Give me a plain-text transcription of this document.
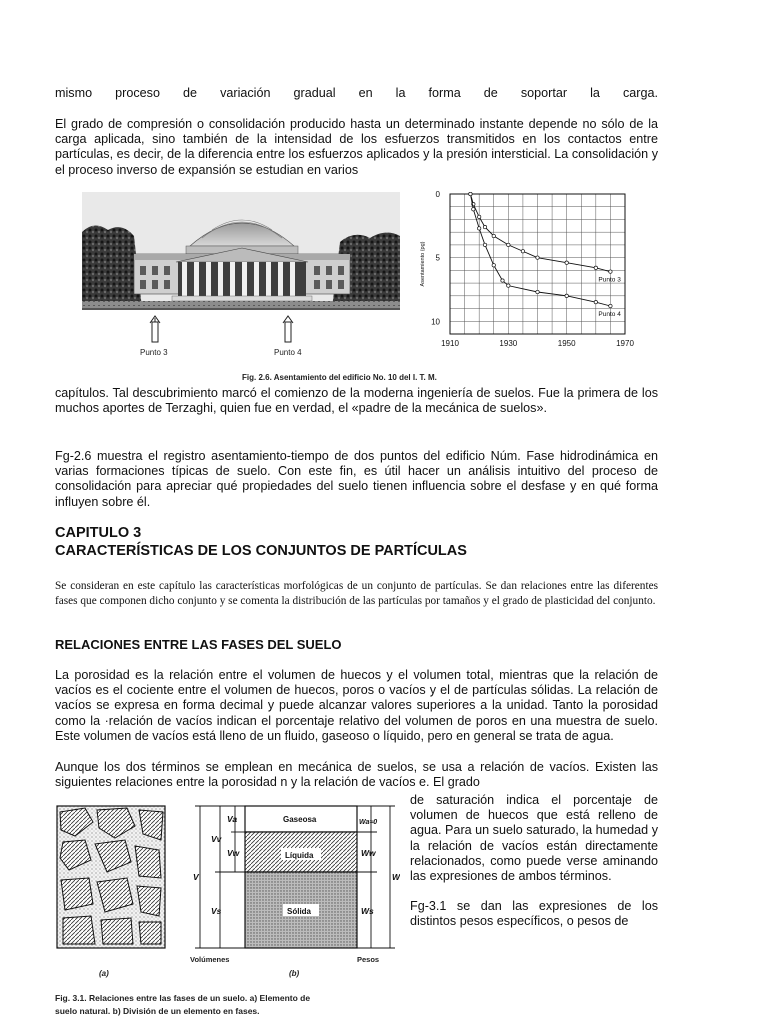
mismo proceso de variación gradual en la forma de soportar la carga.

El grado de compresión o consolidación producido hasta un determinado instante depende no sólo de la carga aplicada, sino también de la intensidad de los esfuerzos transmitidos en los contactos entre partículas, es decir, de la diferencia entre los esfuerzos aplicados y la presión intersticial. La consolidación y el proceso inverso de expansión se estudian en varios

Punto 3	Punto 4
1910	1930	1950	1970
0
5
10
Asentamiento (pg)	Punto 3
Punto 4
Fig. 2.6. Asentamiento del edificio No. 10 del I. T. M.

capítulos. Tal descubrimiento marcó el comienzo de la moderna ingeniería de suelos. Fue la primera de los muchos aportes de Terzaghi, quien fue en verdad, el «padre de la mecánica de suelos».

Fg-2.6 muestra el registro asentamiento-tiempo de dos puntos del edificio Núm. Fase hidrodinámica en varias formaciones típicas de suelo. Con este fin, es útil hacer un análisis intuitivo del proceso de consolidación para apreciar qué propiedades del suelo tienen influencia sobre el desfase y en qué forma influyen sobre él.

CAPITULO 3
CARACTERÍSTICAS DE LOS CONJUNTOS DE PARTÍCULAS

Se consideran en este capítulo las características morfológicas de un conjunto de partículas. Se dan relaciones entre las diferentes fases que componen dicho conjunto y se comenta la distribución de las partículas por tamaños y el grado de plasticidad del conjunto.

RELACIONES ENTRE LAS FASES DEL SUELO

La porosidad es la relación entre el volumen de huecos y el volumen total, mientras que la relación de vacíos es el cociente entre el volumen de huecos, poros o vacíos y el de partículas sólidas. La relación de vacíos se expresa en forma decimal y puede alcanzar valores superiores a la unidad. Tanto la porosidad como la ·relación de vacíos indican el porcentaje relativo del volumen de poros en una muestra de suelo. Este volumen de vacíos está lleno de un fluido, gaseoso o líquido, pero en general se trata de agua.

Aunque los dos términos se emplean en mecánica de suelos, se usa a relación de vacíos. Existen las siguientes relaciones entre la porosidad n y la relación de vacíos e. El grado

de saturación indica el porcentaje de volumen de huecos que está relleno de agua. Para un suelo saturado, la humedad y la relación de vacíos están directamente relacionados, como puede verse aminando las expresiones de ambos términos.

Fg-3.1 se dan las expresiones de los distintos pesos específicos, o pesos de

Gaseosa
Líquida
Sólida
V
Vv
Va
Vw
Vs
W
Wa≈0
Ww
Ws
Volúmenes	Pesos
(a)	(b)
Fig. 3.1. Relaciones entre las fases de un suelo. a) Elemento de
suelo natural. b) División de un elemento en fases.
